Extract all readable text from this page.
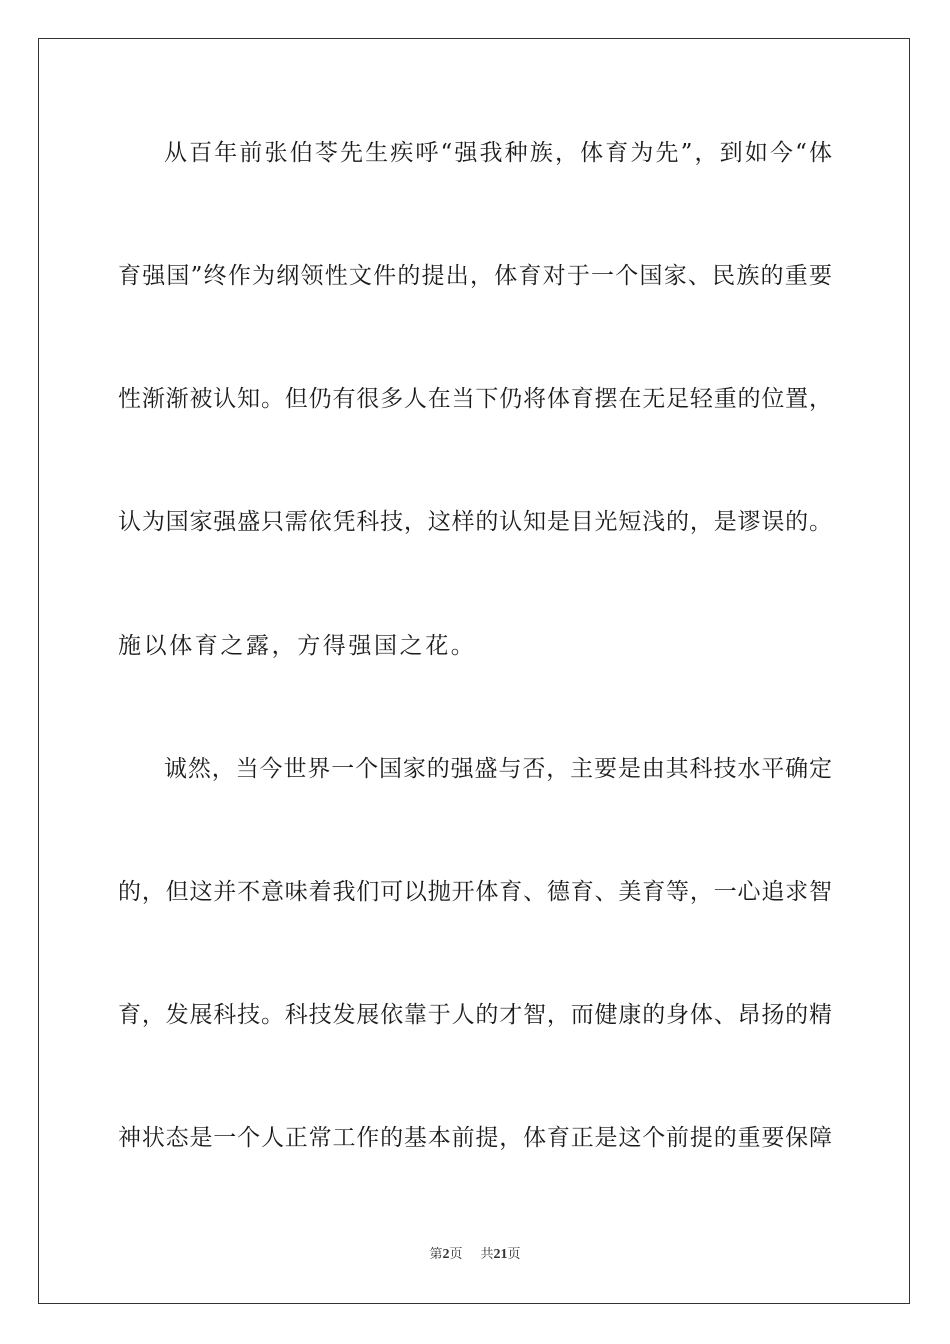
从百年前张伯苓先生疾呼“强我种族，体育为先”，到如今“体
育强国”终作为纲领性文件的提出，体育对于一个国家、民族的重要
性渐渐被认知。但仍有很多人在当下仍将体育摆在无足轻重的位置，
认为国家强盛只需依凭科技，这样的认知是目光短浅的，是谬误的。
施以体育之露，方得强国之花。
诚然，当今世界一个国家的强盛与否，主要是由其科技水平确定
的，但这并不意味着我们可以抛开体育、德育、美育等，一心追求智
育，发展科技。科技发展依靠于人的才智，而健康的身体、昂扬的精
神状态是一个人正常工作的基本前提，体育正是这个前提的重要保障
第2页 共21页
